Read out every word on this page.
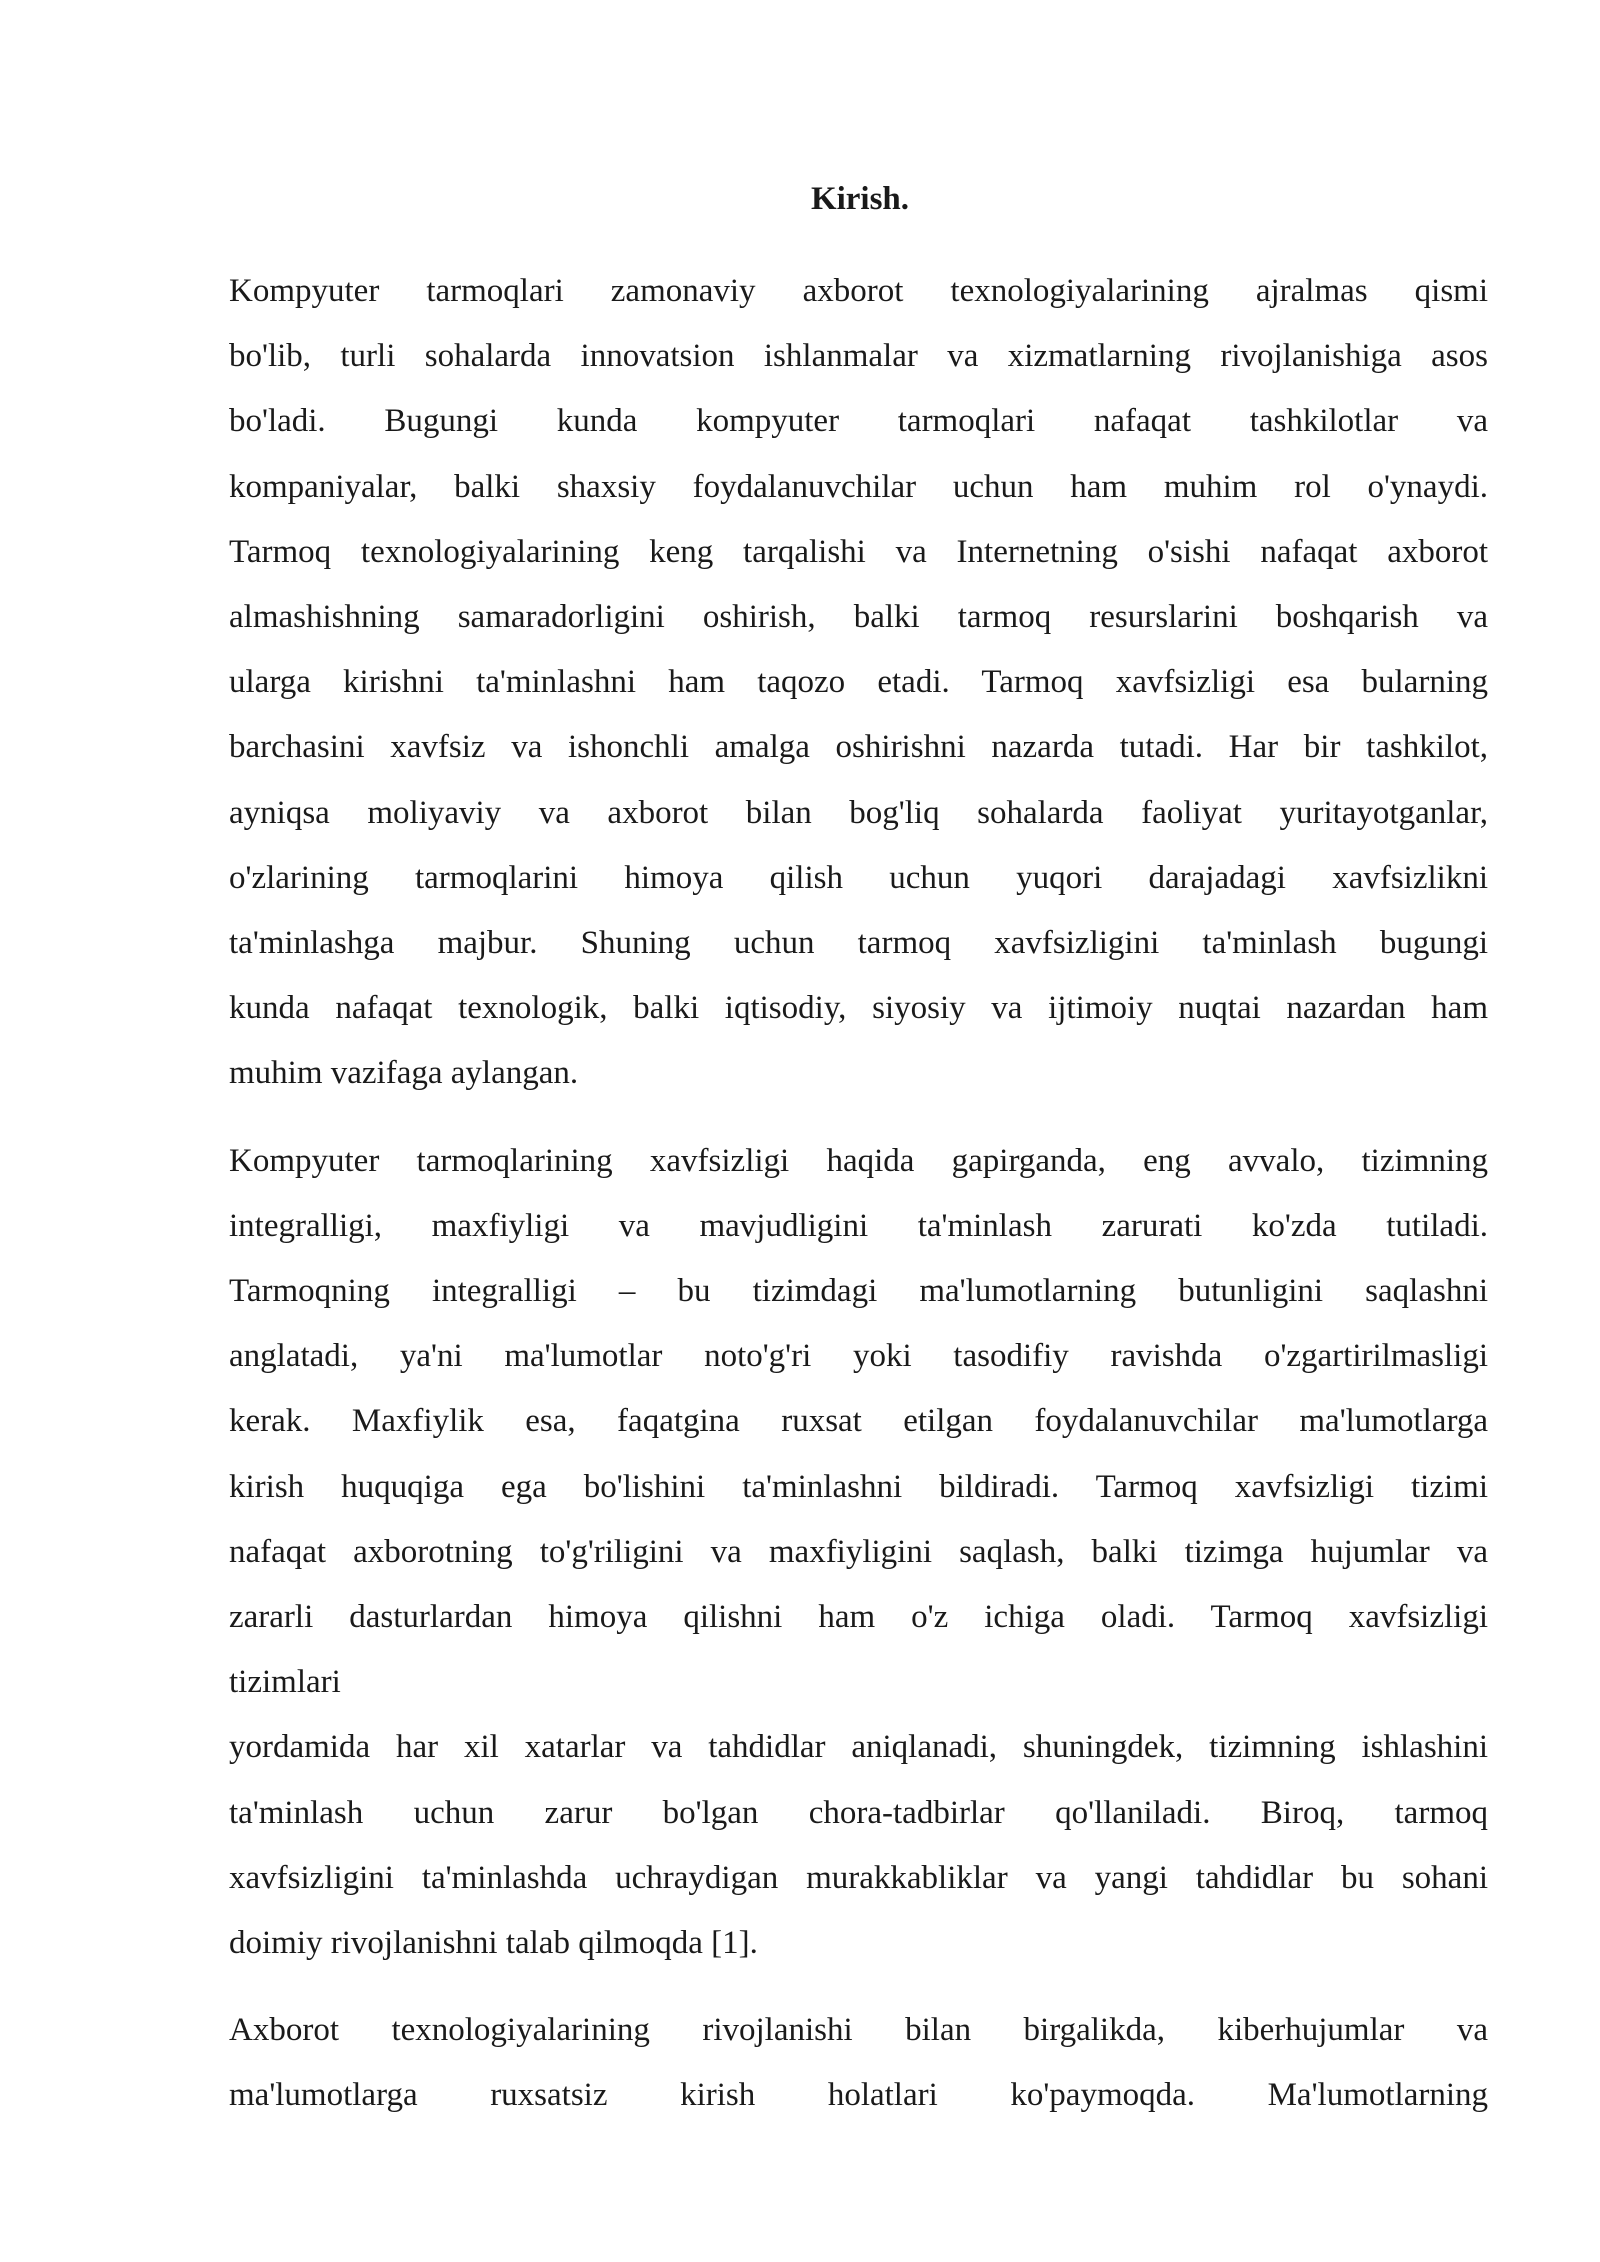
Kirish.

Kompyuter tarmoqlari zamonaviy axborot texnologiyalarining ajralmas qismi
bo'lib, turli sohalarda innovatsion ishlanmalar va xizmatlarning rivojlanishiga asos
bo'ladi. Bugungi kunda kompyuter tarmoqlari nafaqat tashkilotlar va
kompaniyalar, balki shaxsiy foydalanuvchilar uchun ham muhim rol o'ynaydi.
Tarmoq texnologiyalarining keng tarqalishi va Internetning o'sishi nafaqat axborot
almashishning samaradorligini oshirish, balki tarmoq resurslarini boshqarish va
ularga kirishni ta'minlashni ham taqozo etadi. Tarmoq xavfsizligi esa bularning
barchasini xavfsiz va ishonchli amalga oshirishni nazarda tutadi. Har bir tashkilot,
ayniqsa moliyaviy va axborot bilan bog'liq sohalarda faoliyat yuritayotganlar,
o'zlarining tarmoqlarini himoya qilish uchun yuqori darajadagi xavfsizlikni
ta'minlashga majbur. Shuning uchun tarmoq xavfsizligini ta'minlash bugungi
kunda nafaqat texnologik, balki iqtisodiy, siyosiy va ijtimoiy nuqtai nazardan ham
muhim vazifaga aylangan.

Kompyuter tarmoqlarining xavfsizligi haqida gapirganda, eng avvalo, tizimning
integralligi, maxfiyligi va mavjudligini ta'minlash zarurati ko'zda tutiladi.
Tarmoqning integralligi – bu tizimdagi ma'lumotlarning butunligini saqlashni
anglatadi, ya'ni ma'lumotlar noto'g'ri yoki tasodifiy ravishda o'zgartirilmasligi
kerak. Maxfiylik esa, faqatgina ruxsat etilgan foydalanuvchilar ma'lumotlarga
kirish huquqiga ega bo'lishini ta'minlashni bildiradi. Tarmoq xavfsizligi tizimi
nafaqat axborotning to'g'riligini va maxfiyligini saqlash, balki tizimga hujumlar va
zararli dasturlardan himoya qilishni ham o'z ichiga oladi. Tarmoq xavfsizligi
tizimlari
yordamida har xil xatarlar va tahdidlar aniqlanadi, shuningdek, tizimning ishlashini
ta'minlash uchun zarur bo'lgan chora-tadbirlar qo'llaniladi. Biroq, tarmoq
xavfsizligini ta'minlashda uchraydigan murakkabliklar va yangi tahdidlar bu sohani
doimiy rivojlanishni talab qilmoqda [1].

Axborot texnologiyalarining rivojlanishi bilan birgalikda, kiberhujumlar va
ma'lumotlarga ruxsatsiz kirish holatlari ko'paymoqda. Ma'lumotlarning
